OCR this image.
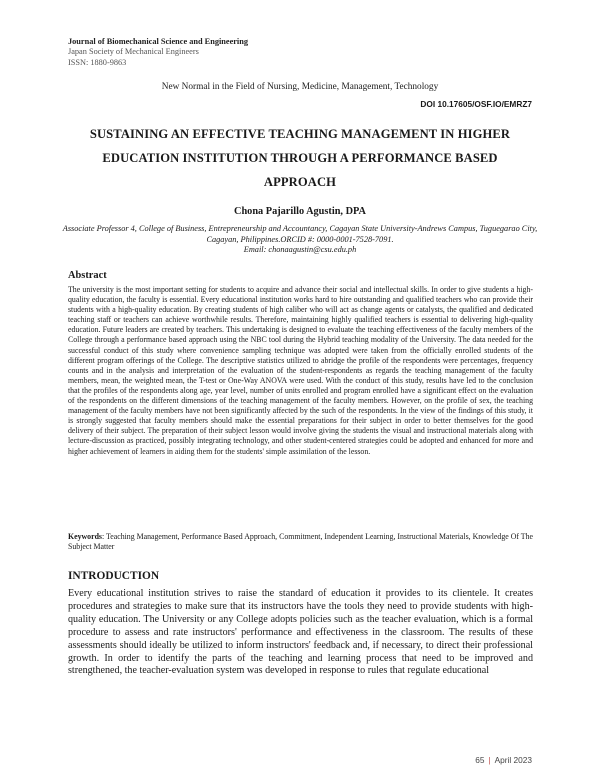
Journal of Biomechanical Science and Engineering
Japan Society of Mechanical Engineers
ISSN: 1880-9863
New Normal in the Field of Nursing, Medicine, Management, Technology
DOI 10.17605/OSF.IO/EMRZ7
SUSTAINING AN EFFECTIVE TEACHING MANAGEMENT IN HIGHER EDUCATION INSTITUTION THROUGH A PERFORMANCE BASED APPROACH
Chona Pajarillo Agustin, DPA
Associate Professor 4, College of Business, Entrepreneurship and Accountancy, Cagayan State University-Andrews Campus, Tuguegarao City, Cagayan, Philippines.ORCID #: 0000-0001-7528-7091.
Email: chonaagustin@csu.edu.ph
Abstract
The university is the most important setting for students to acquire and advance their social and intellectual skills. In order to give students a high-quality education, the faculty is essential. Every educational institution works hard to hire outstanding and qualified teachers who can provide their students with a high-quality education. By creating students of high caliber who will act as change agents or catalysts, the qualified and dedicated teaching staff or teachers can achieve worthwhile results. Therefore, maintaining highly qualified teachers is essential to delivering high-quality education. Future leaders are created by teachers. This undertaking is designed to evaluate the teaching effectiveness of the faculty members of the College through a performance based approach using the NBC tool during the Hybrid teaching modality of the University. The data needed for the successful conduct of this study where convenience sampling technique was adopted were taken from the officially enrolled students of the different program offerings of the College. The descriptive statistics utilized to abridge the profile of the respondents were percentages, frequency counts and in the analysis and interpretation of the evaluation of the student-respondents as regards the teaching management of the faculty members, mean, the weighted mean, the T-test or One-Way ANOVA were used. With the conduct of this study, results have led to the conclusion that the profiles of the respondents along age, year level, number of units enrolled and program enrolled have a significant effect on the evaluation of the respondents on the different dimensions of the teaching management of the faculty members. However, on the profile of sex, the teaching management of the faculty members have not been significantly affected by the such of the respondents. In the view of the findings of this study, it is strongly suggested that faculty members should make the essential preparations for their subject in order to better themselves for the good delivery of their subject. The preparation of their subject lesson would involve giving the students the visual and instructional materials along with lecture-discussion as practiced, possibly integrating technology, and other student-centered strategies could be adopted and enhanced for more and higher achievement of learners in aiding them for the students' simple assimilation of the lesson.
Keywords: Teaching Management, Performance Based Approach, Commitment, Independent Learning, Instructional Materials, Knowledge Of The Subject Matter
INTRODUCTION
Every educational institution strives to raise the standard of education it provides to its clientele. It creates procedures and strategies to make sure that its instructors have the tools they need to provide students with high-quality education. The University or any College adopts policies such as the teacher evaluation, which is a formal procedure to assess and rate instructors' performance and effectiveness in the classroom. The results of these assessments should ideally be utilized to inform instructors' feedback and, if necessary, to direct their professional growth. In order to identify the parts of the teaching and learning process that need to be improved and strengthened, the teacher-evaluation system was developed in response to rules that regulate educational
65 | April 2023
